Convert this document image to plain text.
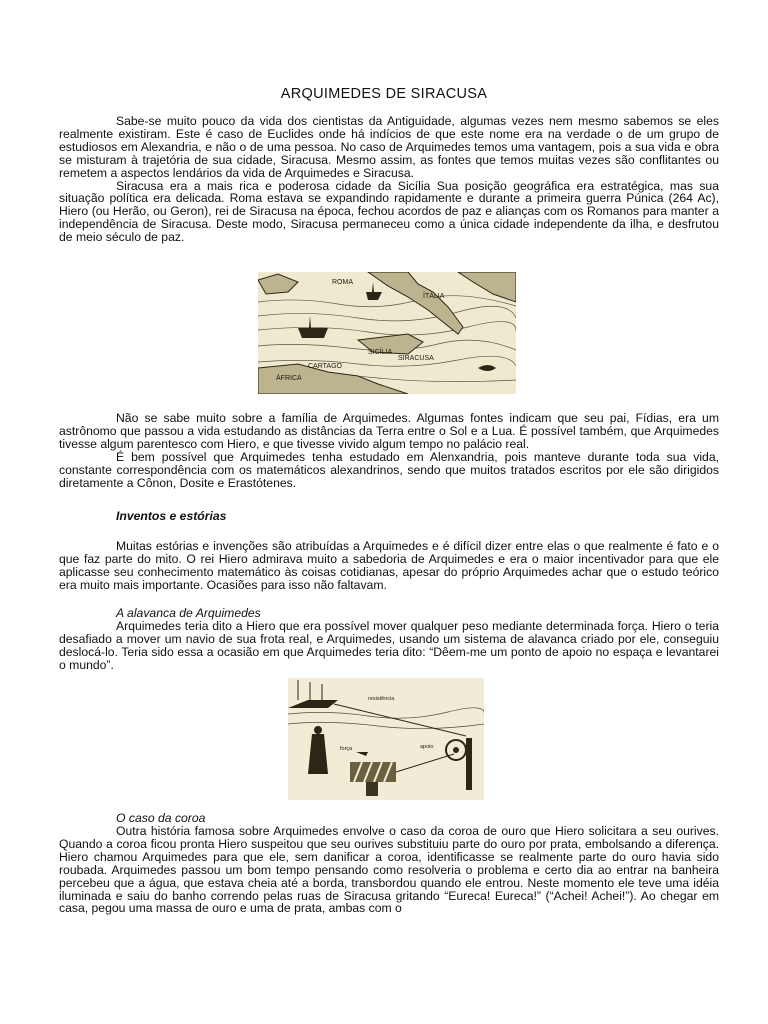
ARQUIMEDES DE SIRACUSA

Sabe-se muito pouco da vida dos cientistas da Antiguidade, algumas vezes nem mesmo sabemos se eles realmente existiram. Este é caso de Euclides onde há indícios de que este nome era na verdade o de um grupo de estudiosos em Alexandria, e não o de uma pessoa. No caso de Arquimedes temos uma vantagem, pois a sua vida e obra se misturam à trajetória de sua cidade, Siracusa. Mesmo assim, as fontes que temos muitas vezes são conflitantes ou remetem a aspectos lendários da vida de Arquimedes e Siracusa.

Siracusa era a mais rica e poderosa cidade da Sicília Sua posição geográfica era estratégica, mas sua situação política era delicada. Roma estava se expandindo rapidamente e durante a primeira guerra Púnica (264 Ac), Hiero (ou Herão, ou Geron), rei de Siracusa na época, fechou acordos de paz e alianças com os Romanos para manter a independência de Siracusa. Deste modo, Siracusa permaneceu como a única cidade independente da ilha, e desfrutou de meio século de paz.

ROMA
ÍTÁLIA
SICÍLIA
SIRACUSA
CARTAGO
ÁFRICA

Não se sabe muito sobre a família de Arquimedes. Algumas fontes indicam que seu pai, Fídias, era um astrônomo que passou a vida estudando as distâncias da Terra entre o Sol e a Lua. É possível também, que Arquimedes tivesse algum parentesco com Hiero, e que tivesse vivido algum tempo no palácio real.

É bem possível que Arquimedes tenha estudado em Alenxandria, pois manteve durante toda sua vida, constante correspondência com os matemáticos alexandrinos, sendo que muitos tratados escritos por ele são dirigidos diretamente a Cônon, Dosite e Erastótenes.

Inventos e estórias

Muitas estórias e invenções são atribuídas a Arquimedes e é difícil dizer entre elas o que realmente é fato e o que faz parte do mito. O rei Hiero admirava muito a sabedoria de Arquimedes e era o maior incentivador para que ele aplicasse seu conhecimento matemático às coisas cotidianas, apesar do próprio Arquimedes achar que o estudo teórico era muito mais importante. Ocasiões para isso não faltavam.

A alavanca de Arquimedes

Arquimedes teria dito a Hiero que era possível mover qualquer peso mediante determinada força. Hiero o teria desafiado a mover um navio de sua frota real, e Arquimedes, usando um sistema de alavanca criado por ele, conseguiu deslocá-lo. Teria sido essa a ocasião em que Arquimedes teria dito: “Dêem-me um ponto de apoio no espaça e levantarei o mundo”.

resistência
apoio
força
O caso da coroa

Outra história famosa sobre Arquimedes envolve o caso da coroa de ouro que Hiero solicitara a seu ourives. Quando a coroa ficou pronta Hiero suspeitou que seu ourives substituiu parte do ouro por prata, embolsando a diferença. Hiero chamou Arquimedes para que ele, sem danificar a coroa, identificasse se realmente parte do ouro havia sido roubada. Arquimedes passou um bom tempo pensando como resolveria o problema e certo dia ao entrar na banheira percebeu que a água, que estava cheia até a borda, transbordou quando ele entrou. Neste momento ele teve uma idéia iluminada e saiu do banho correndo pelas ruas de Siracusa gritando “Eureca! Eureca!” (“Achei! Achei!”). Ao chegar em casa, pegou uma massa de ouro e uma de prata, ambas com o
